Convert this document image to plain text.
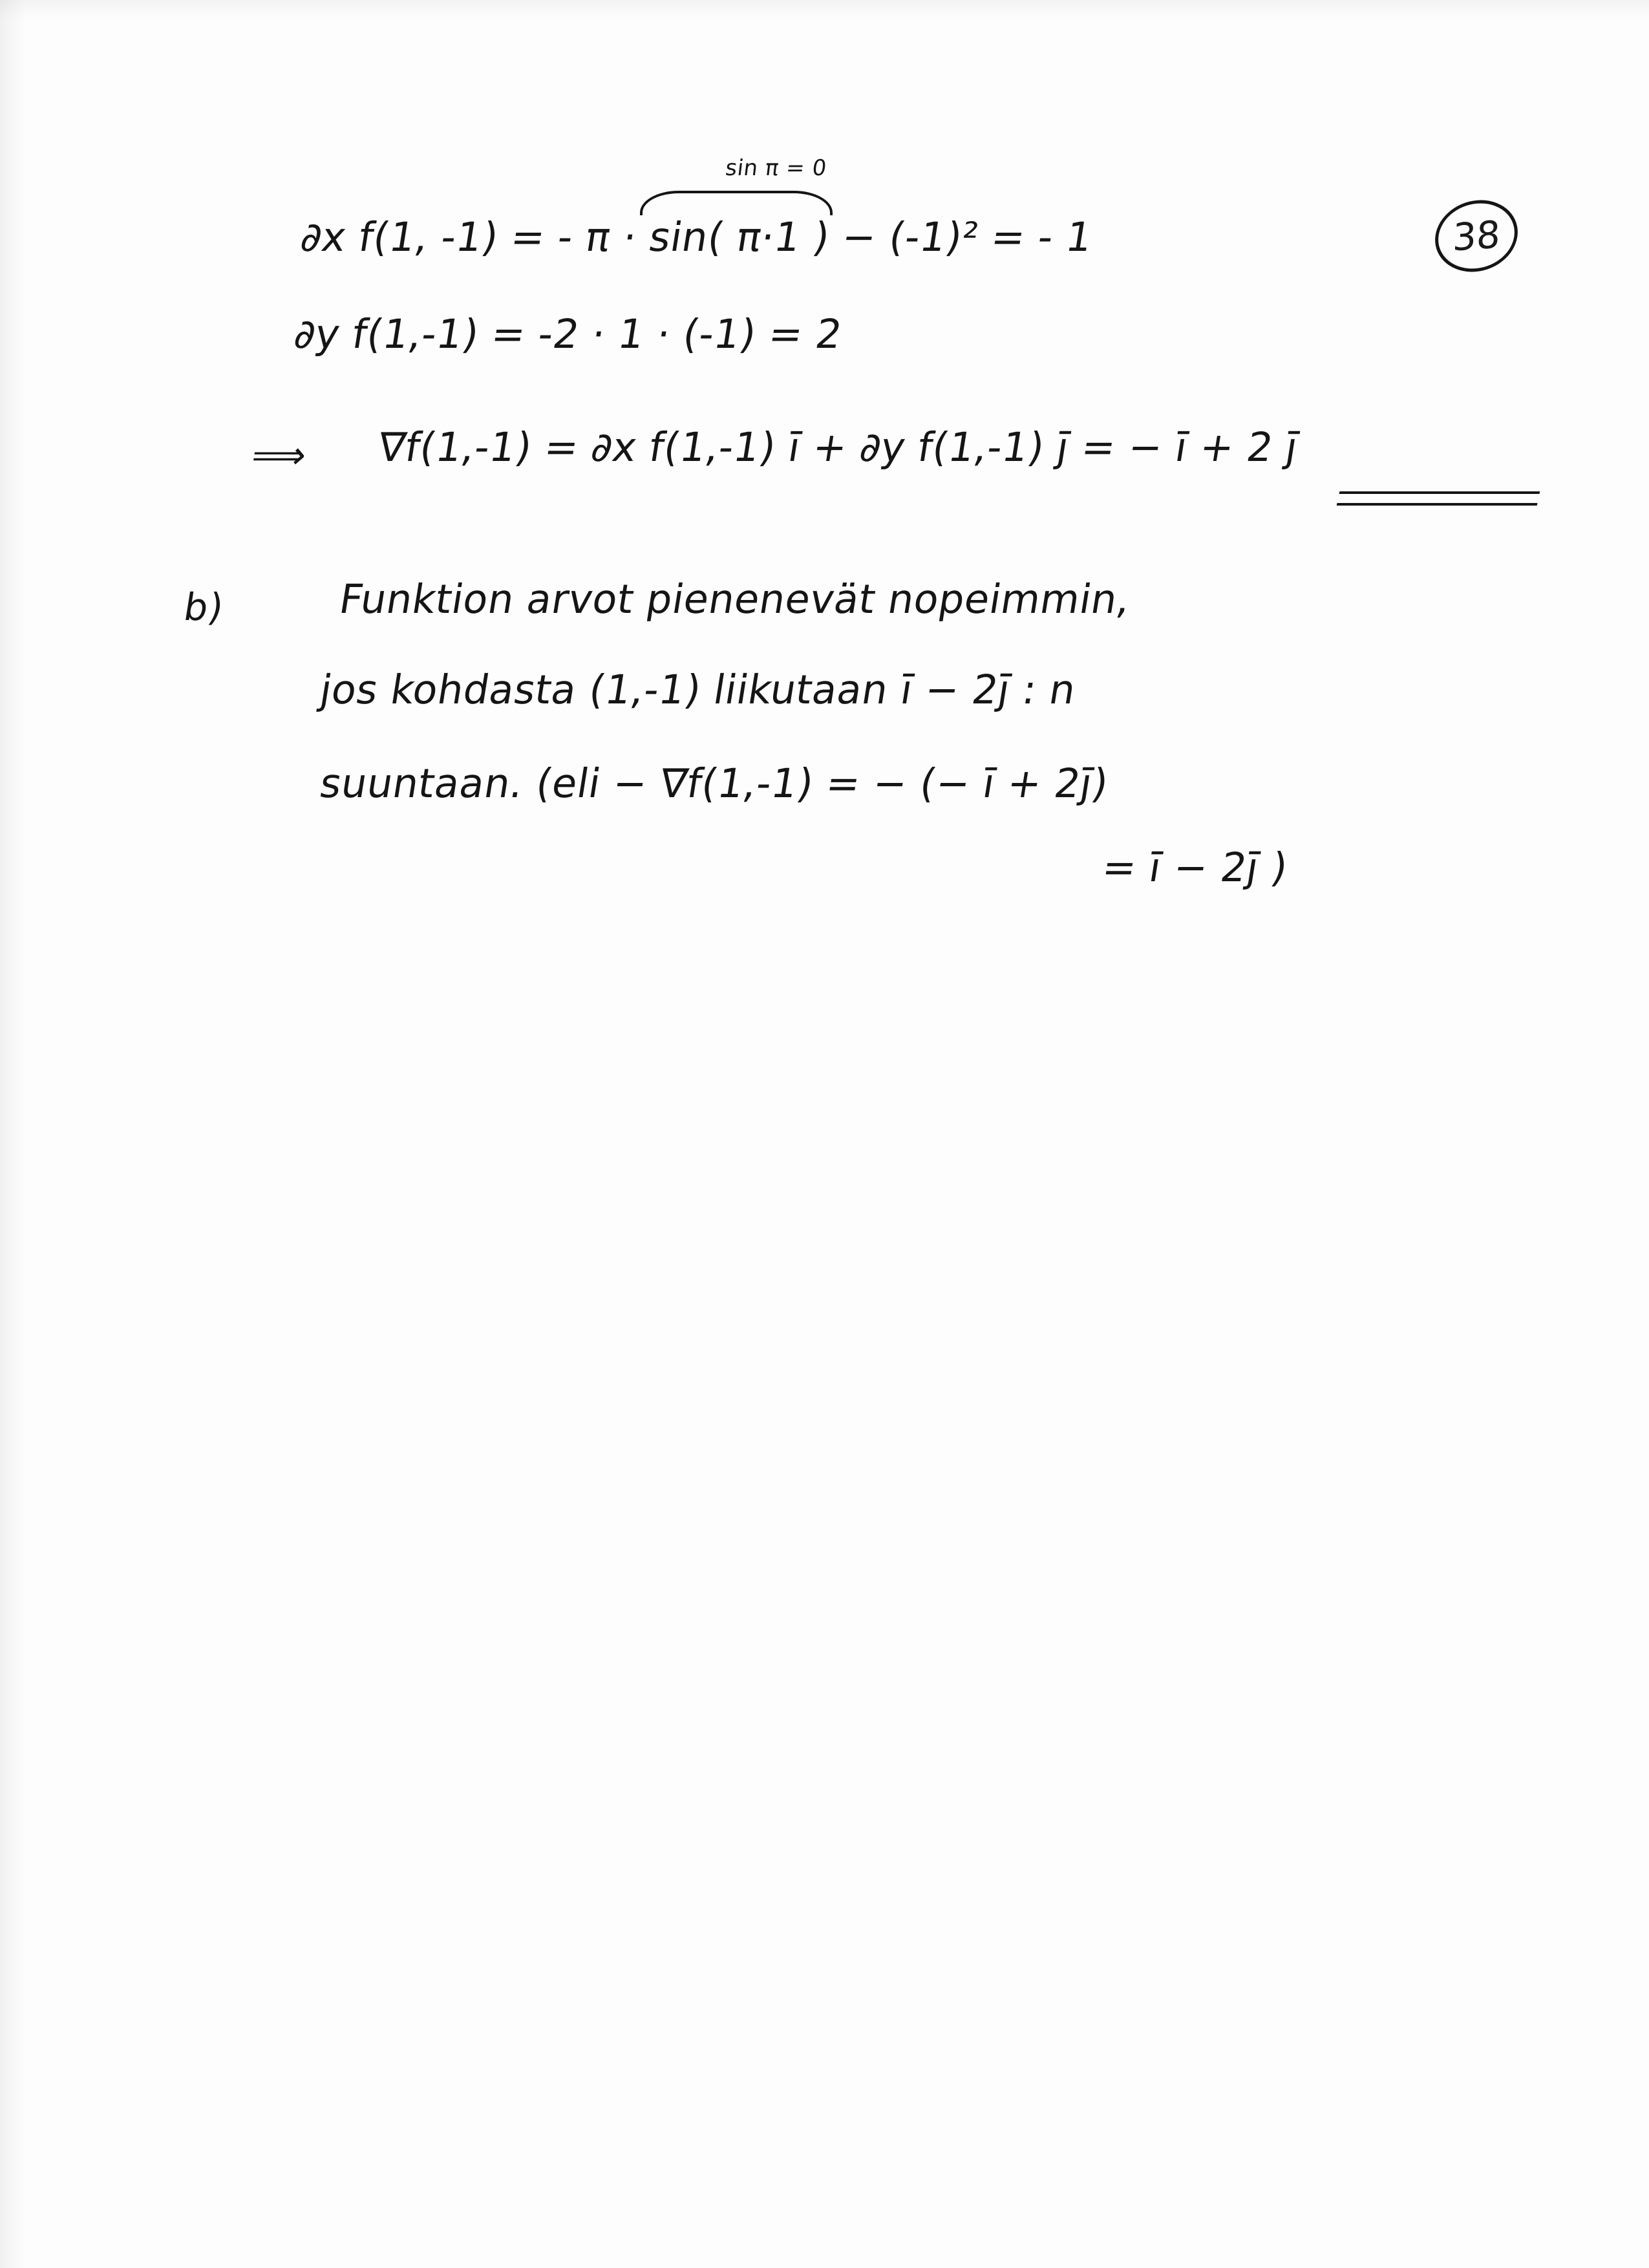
sin π = 0
38
∂x f(1, -1) = - π · sin( π·1 ) − (-1)² = - 1
∂y f(1,-1) = -2 · 1 · (-1) = 2
⟹ ∇f(1,-1) = ∂x f(1,-1) ī + ∂y f(1,-1) j̄ = − ī + 2 j̄
b)	Funktion arvot pienenevät nopeimmin,
jos kohdasta (1,-1) liikutaan ī − 2j̄ : n
suuntaan. (eli − ∇f(1,-1) = − (− ī + 2j̄)
= ī − 2j̄ )
